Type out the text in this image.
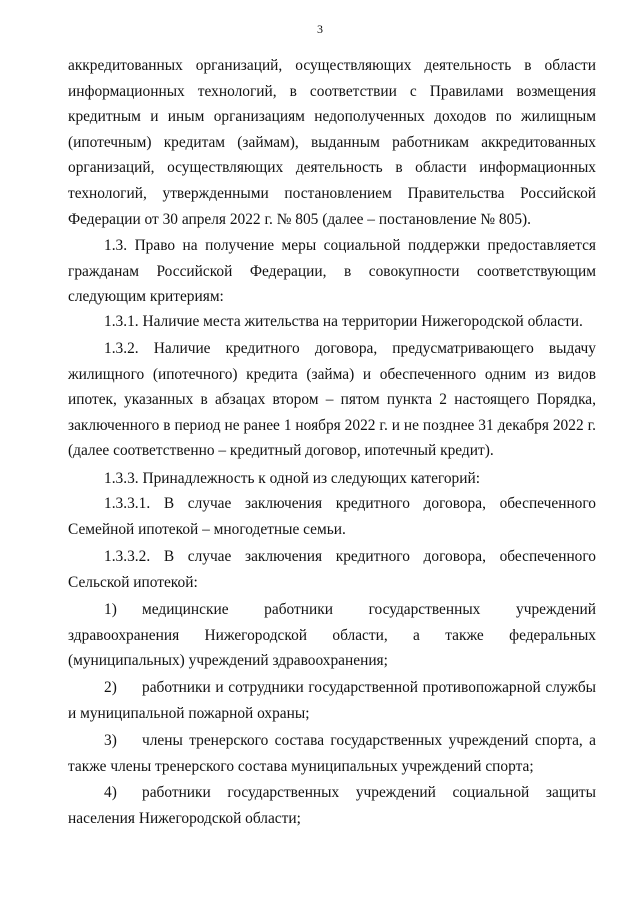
3

аккредитованных организаций, осуществляющих деятельность в области информационных технологий, в соответствии с Правилами возмещения кредитным и иным организациям недополученных доходов по жилищным (ипотечным) кредитам (займам), выданным работникам аккредитованных организаций, осуществляющих деятельность в области информационных технологий, утвержденными постановлением Правительства Российской Федерации от 30 апреля 2022 г. № 805 (далее – постановление № 805).

1.3. Право на получение меры социальной поддержки предоставляется гражданам Российской Федерации, в совокупности соответствующим следующим критериям:

1.3.1. Наличие места жительства на территории Нижегородской области.

1.3.2. Наличие кредитного договора, предусматривающего выдачу жилищного (ипотечного) кредита (займа) и обеспеченного одним из видов ипотек, указанных в абзацах втором – пятом пункта 2 настоящего Порядка, заключенного в период не ранее 1 ноября 2022 г. и не позднее 31 декабря 2022 г. (далее соответственно – кредитный договор, ипотечный кредит).

1.3.3. Принадлежность к одной из следующих категорий:

1.3.3.1. В случае заключения кредитного договора, обеспеченного Семейной ипотекой – многодетные семьи.

1.3.3.2. В случае заключения кредитного договора, обеспеченного Сельской ипотекой:

1) медицинские работники государственных учреждений здравоохранения Нижегородской области, а также федеральных (муниципальных) учреждений здравоохранения;

2) работники и сотрудники государственной противопожарной службы и муниципальной пожарной охраны;

3) члены тренерского состава государственных учреждений спорта, а также члены тренерского состава муниципальных учреждений спорта;

4) работники государственных учреждений социальной защиты населения Нижегородской области;
